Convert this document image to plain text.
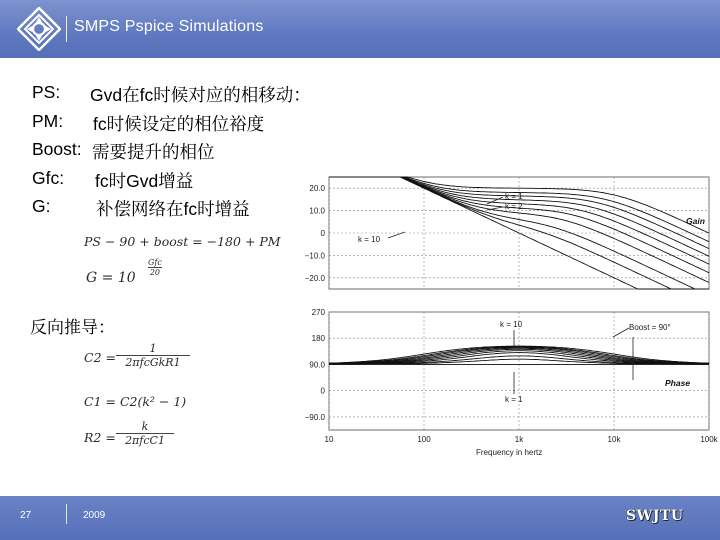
SMPS Pspice Simulations
PS: Gvd在fc时候对应的相移动：
PM: fc时候设定的相位裕度
Boost: 需要提升的相位
Gfc: fc时Gvd增益
G:	补偿网络在fc时增益
PS − 90 + boost = −180 + PM
G = 10
Gfc
20
反向推导：
C2 =
1
2πfcGkR1
C1 = C2(k² − 1)
R2 =
k
2πfcC1
20.0
10.0
0
−10.0
−20.0
270
180
90.0
0
−90.0
10	100	1k	10k	100k
Gain
k = 1
k = 2
k = 10
Phase
k = 10
k = 1
Boost = 90°
Frequency in hertz
27	2009	SWJTU
